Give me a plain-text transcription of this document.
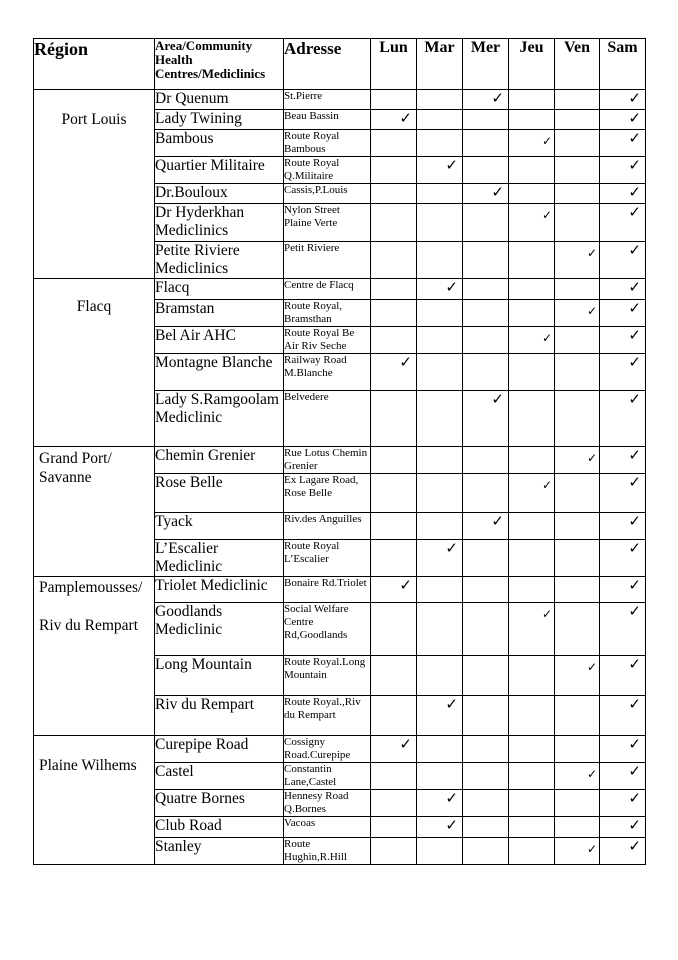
Région	Area/Community Health Centres/Mediclinics	Adresse	Lun	Mar	Mer	Jeu	Ven	Sam

Port Louis	Dr Quenum	St.Pierre			✓			✓

	Lady Twining	Beau Bassin	✓					✓

	Bambous	Route Royal Bambous				✓		✓

	Quartier Militaire	Route Royal Q.Militaire		✓				✓

	Dr.Bouloux	Cassis,P.Louis			✓			✓

	Dr Hyderkhan Mediclinics	Nylon Street Plaine Verte				✓		✓

	Petite Riviere Mediclinics	Petit Riviere					✓	✓

Flacq	Flacq	Centre de Flacq		✓				✓

	Bramstan	Route Royal, Bramsthan					✓	✓

	Bel Air AHC	Route Royal Be Air Riv Seche				✓		✓

	Montagne Blanche	Railway Road M.Blanche	✓					✓

	Lady S.Ramgoolam Mediclinic	Belvedere			✓			✓

Grand Port/ Savanne	Chemin Grenier	Rue Lotus Chemin Grenier					✓	✓

	Rose Belle	Ex Lagare Road, Rose Belle				✓		✓

	Tyack	Riv.des Anguilles			✓			✓

	L’Escalier Mediclinic	Route Royal L’Escalier		✓				✓

Pamplemousses/
Riv du Rempart	Triolet Mediclinic	Bonaire Rd.Triolet	✓					✓

	Goodlands Mediclinic	Social Welfare Centre Rd,Goodlands				✓		✓

	Long Mountain	Route Royal.Long Mountain					✓	✓

	Riv du Rempart	Route Royal.,Riv du Rempart		✓				✓

Plaine Wilhems	Curepipe Road	Cossigny Road.Curepipe	✓					✓

	Castel	Constantin Lane,Castel					✓	✓

	Quatre Bornes	Hennesy Road Q.Bornes		✓				✓

	Club Road	Vacoas		✓				✓

	Stanley	Route Hughin,R.Hill					✓	✓
